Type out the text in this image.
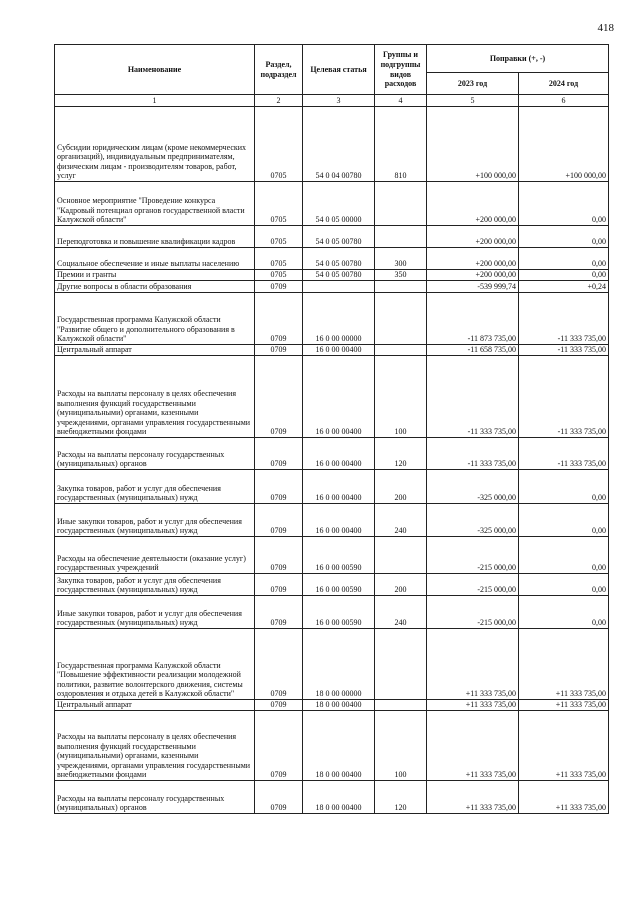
418
Наименование	Раздел, подраздел	Целевая статья	Группы и подгруппы видов расходов	Поправки (+, -)	
				2023 год	2024 год
1	2	3	4	5	6
Субсидии юридическим лицам (кроме некоммерческих организаций), индивидуальным предпринимателям, физическим лицам - производителям товаров, работ, услуг	0705	54 0 04 00780	810	+100 000,00	+100 000,00
Основное мероприятие "Проведение конкурса "Кадровый потенциал органов государственной власти Калужской области"	0705	54 0 05 00000		+200 000,00	0,00
Переподготовка и повышение квалификации кадров	0705	54 0 05 00780		+200 000,00	0,00
Социальное обеспечение и иные выплаты населению	0705	54 0 05 00780	300	+200 000,00	0,00
Премии и гранты	0705	54 0 05 00780	350	+200 000,00	0,00
Другие вопросы в области образования	0709			-539 999,74	+0,24
Государственная программа Калужской области "Развитие общего и дополнительного образования в Калужской области"	0709	16 0 00 00000		-11 873 735,00	-11 333 735,00
Центральный аппарат	0709	16 0 00 00400		-11 658 735,00	-11 333 735,00
Расходы на выплаты персоналу в целях обеспечения выполнения функций государственными (муниципальными) органами, казенными учреждениями, органами управления государственными внебюджетными фондами	0709	16 0 00 00400	100	-11 333 735,00	-11 333 735,00
Расходы на выплаты персоналу государственных (муниципальных) органов	0709	16 0 00 00400	120	-11 333 735,00	-11 333 735,00
Закупка товаров, работ и услуг для обеспечения государственных (муниципальных) нужд	0709	16 0 00 00400	200	-325 000,00	0,00
Иные закупки товаров, работ и услуг для обеспечения государственных (муниципальных) нужд	0709	16 0 00 00400	240	-325 000,00	0,00
Расходы на обеспечение деятельности (оказание услуг) государственных учреждений	0709	16 0 00 00590		-215 000,00	0,00
Закупка товаров, работ и услуг для обеспечения государственных (муниципальных) нужд	0709	16 0 00 00590	200	-215 000,00	0,00
Иные закупки товаров, работ и услуг для обеспечения государственных (муниципальных) нужд	0709	16 0 00 00590	240	-215 000,00	0,00
Государственная программа Калужской области "Повышение эффективности реализации молодежной политики, развитие волонтерского движения, системы оздоровления и отдыха детей в Калужской области"	0709	18 0 00 00000		+11 333 735,00	+11 333 735,00
Центральный аппарат	0709	18 0 00 00400		+11 333 735,00	+11 333 735,00
Расходы на выплаты персоналу в целях обеспечения выполнения функций государственными (муниципальными) органами, казенными учреждениями, органами управления государственными внебюджетными фондами	0709	18 0 00 00400	100	+11 333 735,00	+11 333 735,00
Расходы на выплаты персоналу государственных (муниципальных) органов	0709	18 0 00 00400	120	+11 333 735,00	+11 333 735,00
